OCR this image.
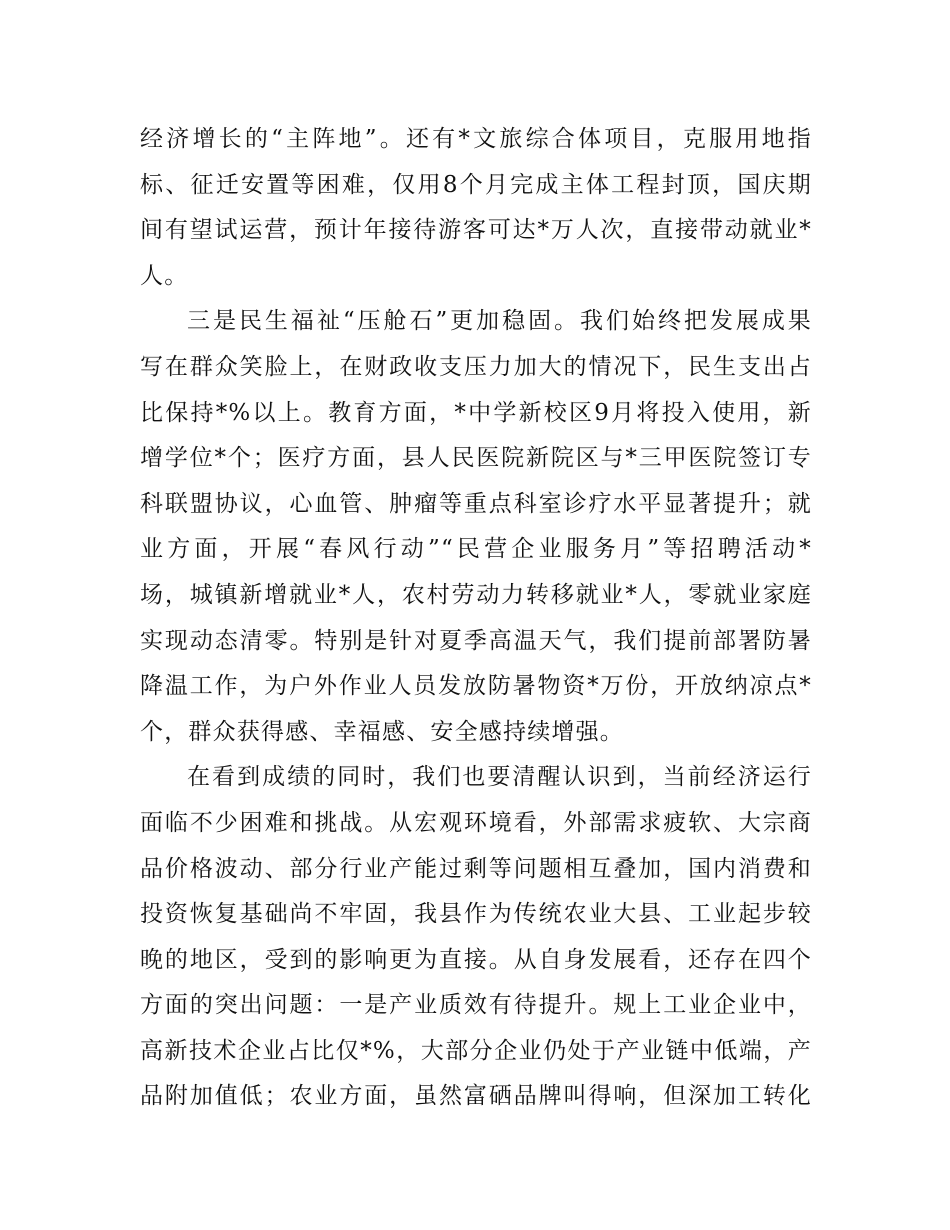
经济增长的“主阵地”。还有*文旅综合体项目，克服用地指
标、征迁安置等困难，仅用8个月完成主体工程封顶，国庆期
间有望试运营，预计年接待游客可达*万人次，直接带动就业*
人。
三是民生福祉“压舱石”更加稳固。我们始终把发展成果
写在群众笑脸上，在财政收支压力加大的情况下，民生支出占
比保持*%以上。教育方面，*中学新校区9月将投入使用，新
增学位*个；医疗方面，县人民医院新院区与*三甲医院签订专
科联盟协议，心血管、肿瘤等重点科室诊疗水平显著提升；就
业方面，开展“春风行动”“民营企业服务月”等招聘活动*
场，城镇新增就业*人，农村劳动力转移就业*人，零就业家庭
实现动态清零。特别是针对夏季高温天气，我们提前部署防暑
降温工作，为户外作业人员发放防暑物资*万份，开放纳凉点*
个，群众获得感、幸福感、安全感持续增强。
在看到成绩的同时，我们也要清醒认识到，当前经济运行
面临不少困难和挑战。从宏观环境看，外部需求疲软、大宗商
品价格波动、部分行业产能过剩等问题相互叠加，国内消费和
投资恢复基础尚不牢固，我县作为传统农业大县、工业起步较
晚的地区，受到的影响更为直接。从自身发展看，还存在四个
方面的突出问题：一是产业质效有待提升。规上工业企业中，
高新技术企业占比仅*%，大部分企业仍处于产业链中低端，产
品附加值低；农业方面，虽然富硒品牌叫得响，但深加工转化
